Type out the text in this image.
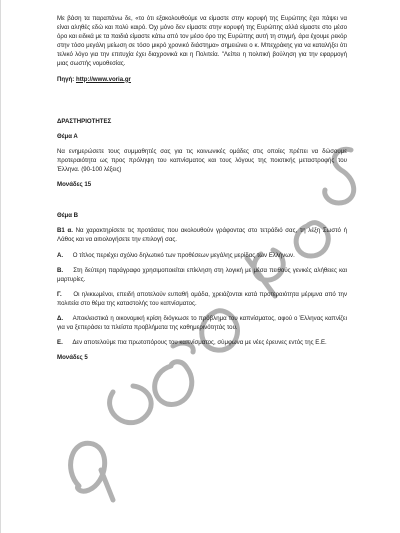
Με βάση τα παραπάνω δε, «το ότι εξακολουθούμε να είμαστε στην κορυφή της Ευρώπης έχει πάψει να είναι αληθές εδώ και πολύ καιρό. Όχι μόνο δεν είμαστε στην κορυφή της Ευρώπης αλλά είμαστε στο μέσο όρο και ειδικά με τα παιδιά είμαστε κάτω από τον μέσο όρο της Ευρώπης αυτή τη στιγμή, άρα έχουμε ρεκόρ στην τόσο μεγάλη μείωση σε τόσο μικρό χρονικό διάστημα» σημειώνει ο κ. Μπεχράκης για να καταλήξει ότι τελικό λόγο για την επιτυχία έχει διαχρονικά και η Πολιτεία. "Λείπει η πολιτική βούληση για την εφαρμογή μιας σωστής νομοθεσίας.

Πηγή: http://www.voria.gr

ΔΡΑΣΤΗΡΙΟΤΗΤΕΣ

Θέμα Α

Να ενημερώσετε τους συμμαθητές σας για τις κοινωνικές ομάδες στις οποίες πρέπει να δώσουμε προτεραιότητα ως προς πρόληψη του καπνίσματος και τους λόγους της ποιοτικής μεταστροφής του Έλληνα. (90-100 λέξεις)

Μονάδες 15

Θέμα Β

Β1 α. Να χαρακτηρίσετε τις προτάσεις που ακολουθούν γράφοντας στο τετράδιό σας, τη λέξη Σωστό ή Λάθος και να αιτιολογήσετε την επιλογή σας.

Α. Ο τίτλος περιέχει σχόλιο δηλωτικό των προθέσεων μεγάλης μερίδας των Ελλήνων.

Β. Στη δεύτερη παράγραφο χρησιμοποιείται επίκληση στη λογική με μέσα πειθούς γενικές αλήθειες και μαρτυρίες.

Γ. Οι ηλικιωμένοι, επειδή αποτελούν ευπαθή ομάδα, χρειάζονται κατά προτεραιότητα μέριμνα από την πολιτεία στο θέμα της καταστολής του καπνίσματος.

Δ. Αποκλειστικά η οικονομική κρίση διόγκωσε το πρόβλημα του καπνίσματος, αφού ο Έλληνας καπνίζει για να ξεπεράσει τα πλείστα προβλήματα της καθημερινότητάς του.

Ε. Δεν αποτελούμε πια πρωτοπόρους του καπνίσματος, σύμφωνα με νέες έρευνες εντός της Ε.Ε.

Μονάδες 5
